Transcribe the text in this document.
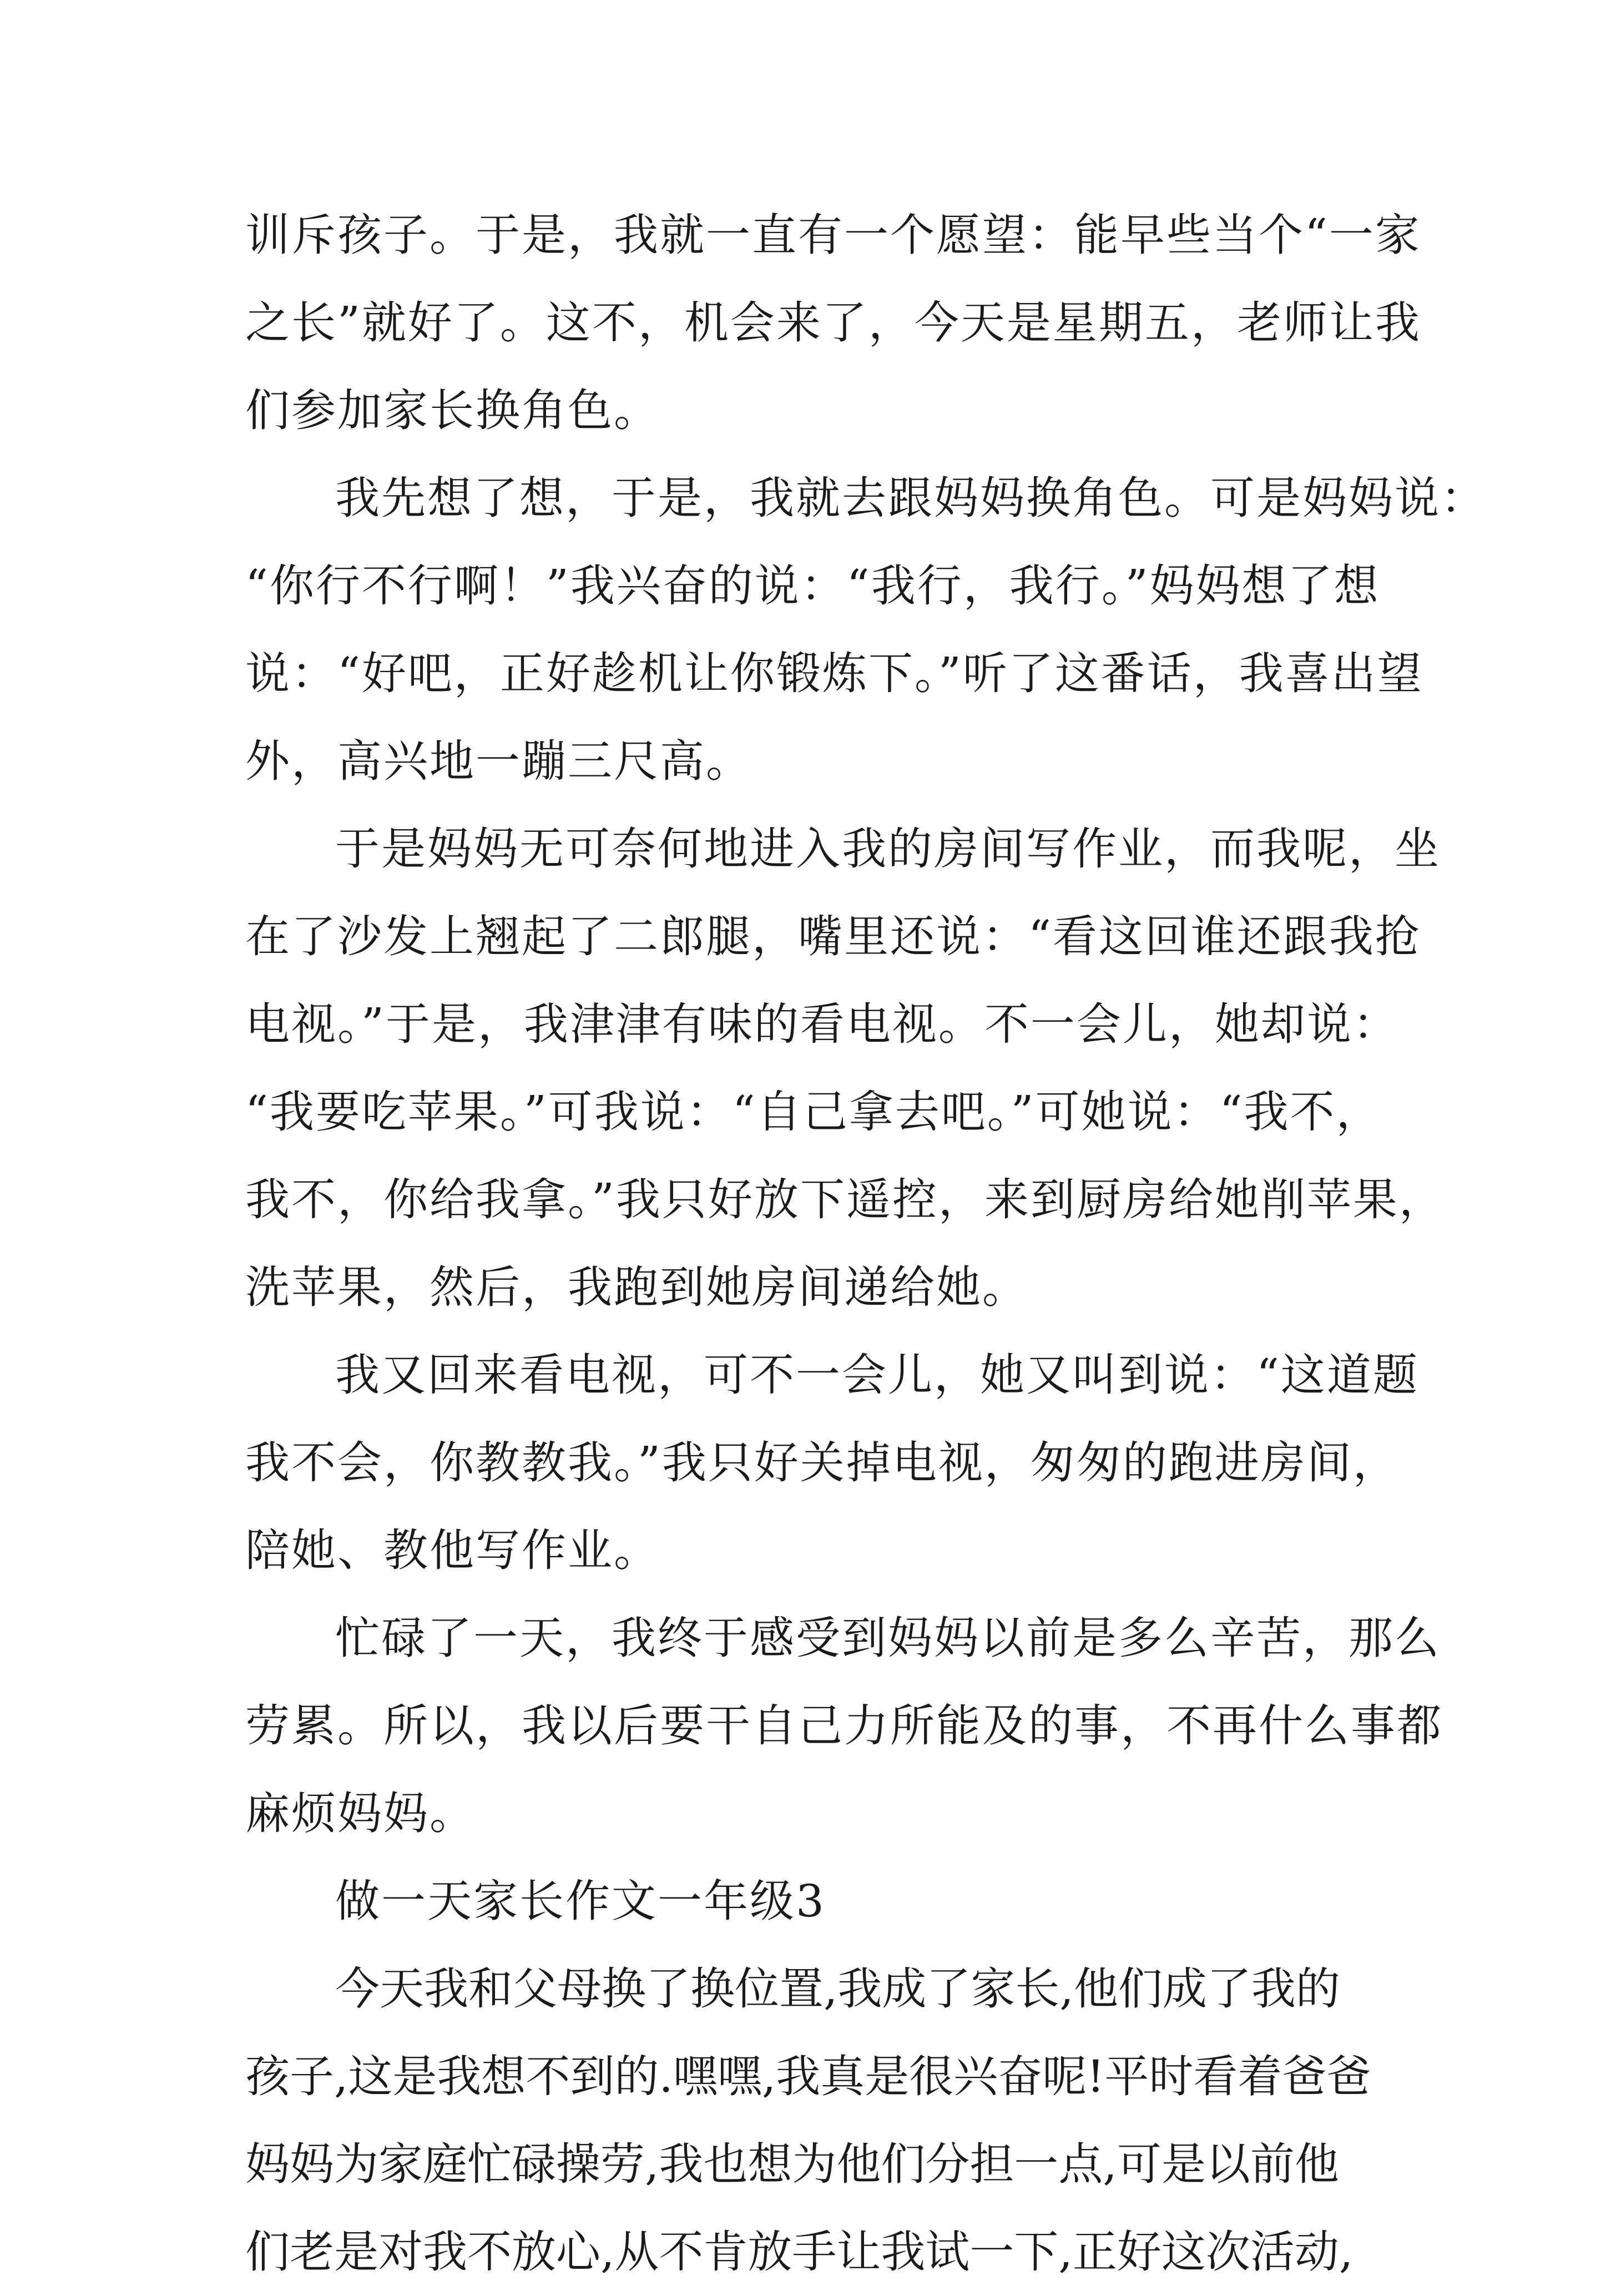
训斥孩子。于是，我就一直有一个愿望：能早些当个“一家
之长”就好了。这不，机会来了，今天是星期五，老师让我
们参加家长换角色。
我先想了想，于是，我就去跟妈妈换角色。可是妈妈说：
“你行不行啊！”我兴奋的说：“我行，我行。”妈妈想了想
说：“好吧，正好趁机让你锻炼下。”听了这番话，我喜出望
外，高兴地一蹦三尺高。
于是妈妈无可奈何地进入我的房间写作业，而我呢，坐
在了沙发上翘起了二郎腿，嘴里还说：“看这回谁还跟我抢
电视。”于是，我津津有味的看电视。不一会儿，她却说：
“我要吃苹果。”可我说：“自己拿去吧。”可她说：“我不，
我不，你给我拿。”我只好放下遥控，来到厨房给她削苹果，
洗苹果，然后，我跑到她房间递给她。
我又回来看电视，可不一会儿，她又叫到说：“这道题
我不会，你教教我。”我只好关掉电视，匆匆的跑进房间，
陪她、教他写作业。
忙碌了一天，我终于感受到妈妈以前是多么辛苦，那么
劳累。所以，我以后要干自己力所能及的事，不再什么事都
麻烦妈妈。
做一天家长作文一年级3
今天我和父母换了换位置,我成了家长,他们成了我的
孩子,这是我想不到的.嘿嘿,我真是很兴奋呢!平时看着爸爸
妈妈为家庭忙碌操劳,我也想为他们分担一点,可是以前他
们老是对我不放心,从不肯放手让我试一下,正好这次活动,
